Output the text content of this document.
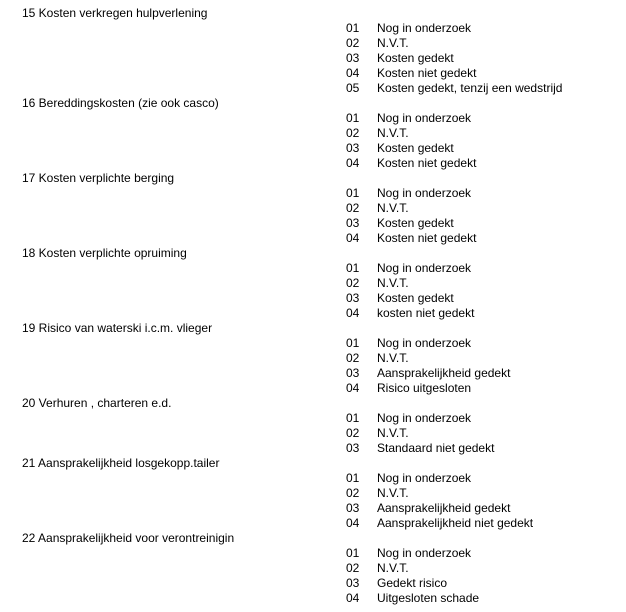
15 Kosten verkregen hulpverlening
01 Nog in onderzoek
02 N.V.T.
03 Kosten gedekt
04 Kosten niet gedekt
05 Kosten gedekt, tenzij een wedstrijd
16 Bereddingskosten (zie ook casco)
01 Nog in onderzoek
02 N.V.T.
03 Kosten gedekt
04 Kosten niet gedekt
17 Kosten verplichte berging
01 Nog in onderzoek
02 N.V.T.
03 Kosten gedekt
04 Kosten niet gedekt
18 Kosten verplichte opruiming
01 Nog in onderzoek
02 N.V.T.
03 Kosten gedekt
04 kosten niet gedekt
19 Risico van waterski i.c.m. vlieger
01 Nog in onderzoek
02 N.V.T.
03 Aansprakelijkheid gedekt
04 Risico uitgesloten
20 Verhuren , charteren e.d.
01 Nog in onderzoek
02 N.V.T.
03 Standaard niet gedekt
21 Aansprakelijkheid losgekopp.tailer
01 Nog in onderzoek
02 N.V.T.
03 Aansprakelijkheid gedekt
04 Aansprakelijkheid niet gedekt
22 Aansprakelijkheid voor verontreinigin
01 Nog in onderzoek
02 N.V.T.
03 Gedekt risico
04 Uitgesloten schade
